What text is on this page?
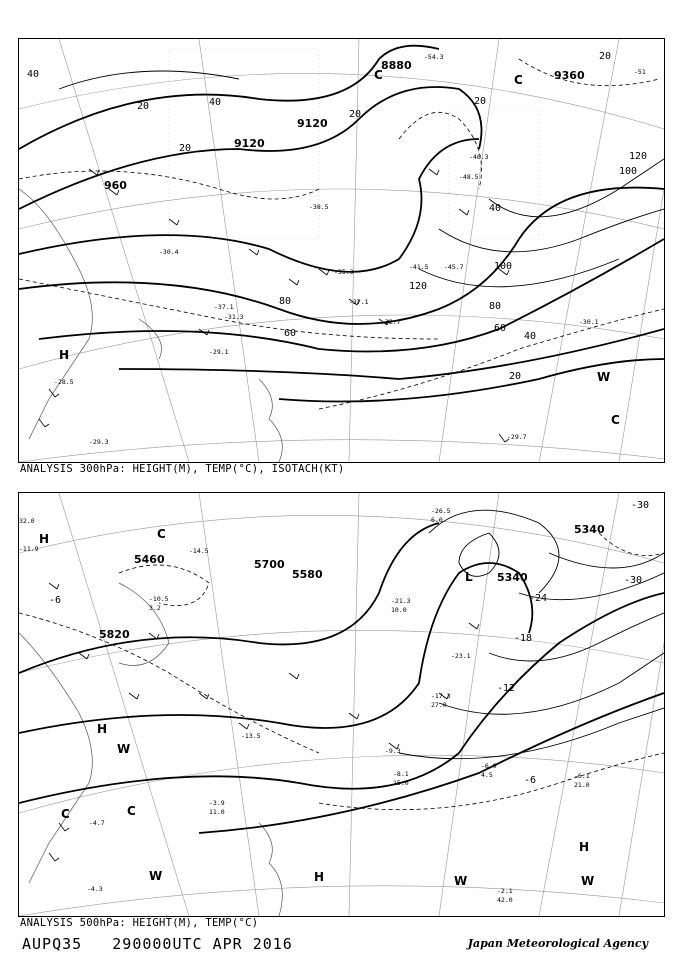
9120
8880
9360
9120
960
40
40
40
20
20
20
20
20
120
120
100
100
80	80
60	60
40
20
-37.1
-45.7
-37.1
-41.5
-32.7
-31.3
-30.1
-29.1
-29.7
-46.3
-54.3
-51
-48.5
-35.3
-30.4
-38.5
-29.3
-28.5
H
C	C
W
C
ANALYSIS 300hPa: HEIGHT(M), TEMP(°C), ISOTACH(KT)
5580	5340
5820
5700
5460
5340
-30
-30
-24
-18
-12
-6
-6	-21.3
-26.5
-17.3
-9.3
-6.9
-6.1
-2.1
-4.7
-4.3
-11.9
-10.5
-14.5
-23.1
-13.5
-8.1
-3.9
32.0
21.0
42.0
15.0
4.5
11.0
27.0
10.0
6.0
3.2
H
H
H
H
L
C	C
C
W
W	W	W
ANALYSIS 500hPa: HEIGHT(M), TEMP(°C)
AUPQ35 290000UTC APR 2016	Japan Meteorological Agency
